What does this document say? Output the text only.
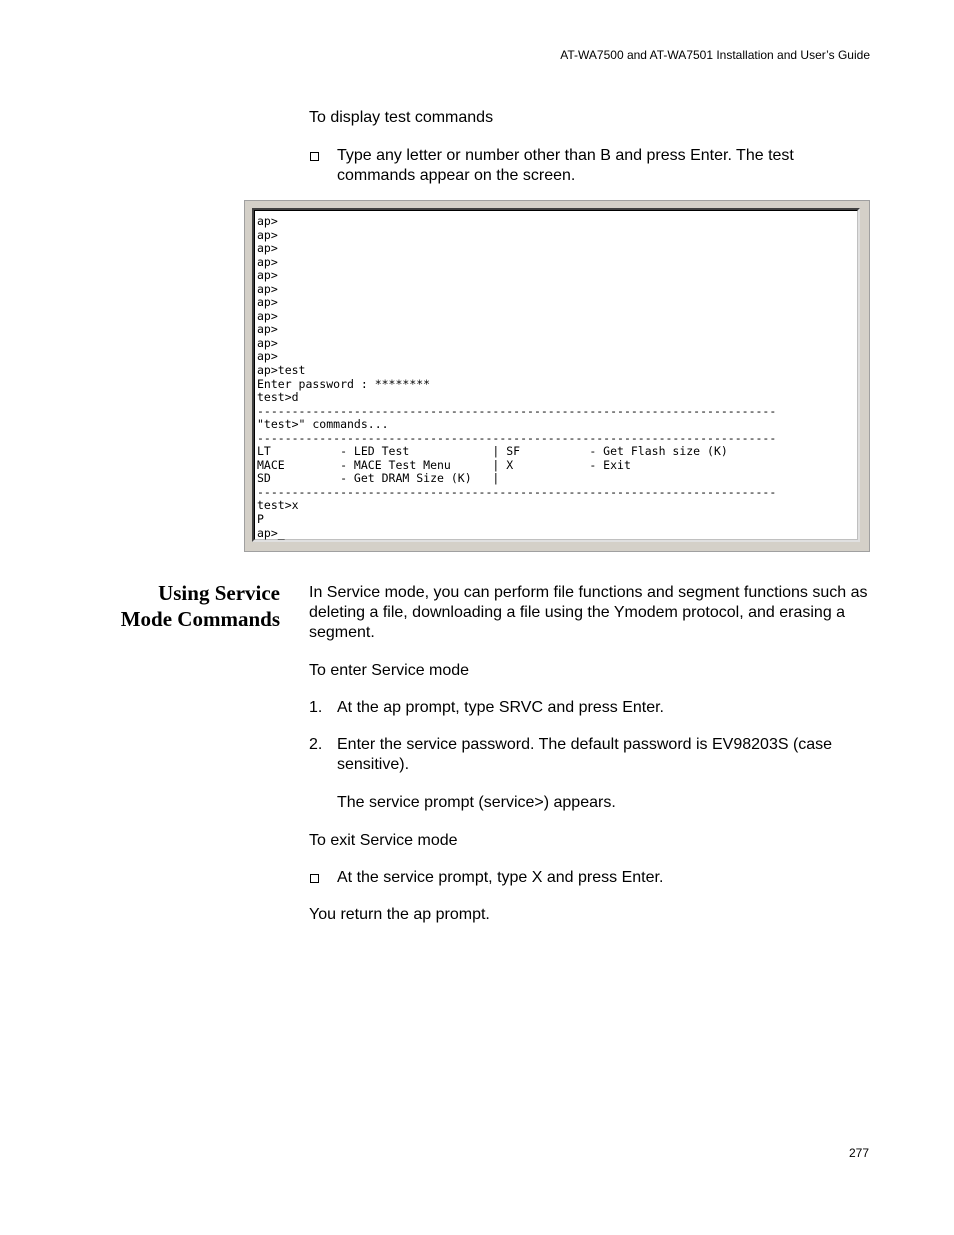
AT-WA7500 and AT-WA7501 Installation and User’s Guide
To display test commands
Type any letter or number other than B and press Enter. The test commands appear on the screen.
ap>
ap>
ap>
ap>
ap>
ap>
ap>
ap>
ap>
ap>
ap>
ap>test
Enter password : ********
test>d
---------------------------------------------------------------------------
"test>" commands...
---------------------------------------------------------------------------
LT          - LED Test            | SF          - Get Flash size (K)
MACE        - MACE Test Menu      | X           - Exit
SD          - Get DRAM Size (K)   |
---------------------------------------------------------------------------
test>x
P
ap>_
Using Service
Mode Commands
In Service mode, you can perform file functions and segment functions such as deleting a file, downloading a file using the Ymodem protocol, and erasing a segment.
To enter Service mode
1. At the ap prompt, type SRVC and press Enter.
2. Enter the service password. The default password is EV98203S (case sensitive).
The service prompt (service>) appears.
To exit Service mode
At the service prompt, type X and press Enter.
You return the ap prompt.
277
